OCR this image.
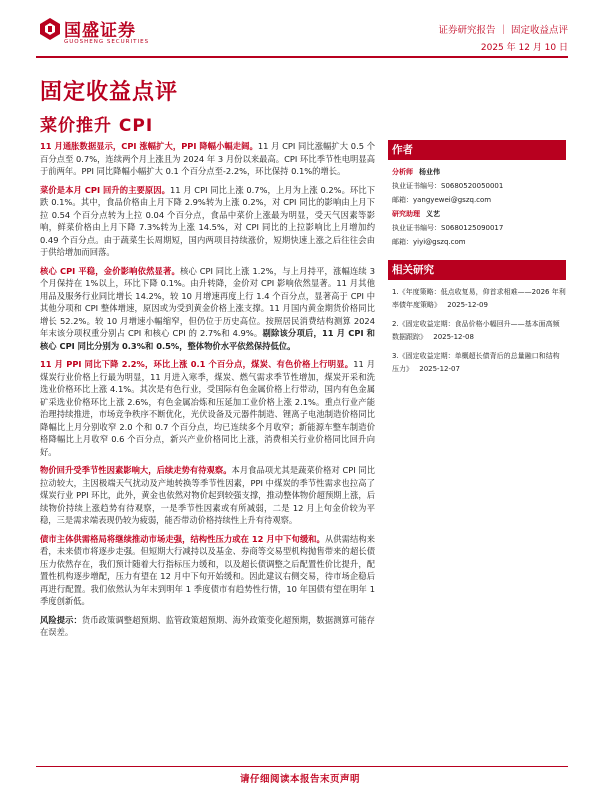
国盛证券
GUOSHENG SECURITIES
证券研究报告 ｜ 固定收益点评
2025 年 12 月 10 日
固定收益点评
菜价推升 CPI

11 月通胀数据显示，CPI 涨幅扩大，PPI 降幅小幅走阔。11 月 CPI 同比涨幅扩大 0.5 个百分点至 0.7%，连续两个月上涨且为 2024 年 3 月份以来最高。CPI 环比季节性电明显高于前两年。PPI 同比降幅小幅扩大 0.1 个百分点至-2.2%，环比保持 0.1%的增长。

菜价是本月 CPI 回升的主要原因。11 月 CPI 同比上涨 0.7%，上月为上涨 0.2%。环比下跌 0.1%。其中，食品价格由上月下降 2.9%转为上涨 0.2%，对 CPI 同比的影响由上月下拉 0.54 个百分点转为上拉 0.04 个百分点，食品中菜价上涨最为明显，受天气因素等影响，鲜菜价格由上月下降 7.3%转为上涨 14.5%，对 CPI 同比的上拉影响比上月增加约 0.49 个百分点。由于蔬菜生长周期短，国内两项目持续涨价，短期快速上涨之后往往会由于供给增加而回落。

核心 CPI 平稳，金价影响依然显著。核心 CPI 同比上涨 1.2%，与上月持平，涨幅连续 3 个月保持在 1%以上，环比下降 0.1%。由升转降，金价对 CPI 影响依然显著。11 月其他用品及服务行业同比增长 14.2%，较 10 月增速再度上行 1.4 个百分点，显著高于 CPI 中其他分项和 CPI 整体增速，原因或为受到黄金价格上涨支撑。11 月国内黄金期货价格同比增长 52.2%。较 10 月增速小幅缩窄，但仍位于历史高位。按照居民消费结构测算 2024 年末该分项权重分别占 CPI 和核心 CPI 的 2.7%和 4.9%。剔除该分项后，11 月 CPI 和核心 CPI 同比分别为 0.3%和 0.5%，整体物价水平依然保持低位。

11 月 PPI 同比下降 2.2%，环比上涨 0.1 个百分点，煤炭、有色价格上行明显。11 月煤炭行业价格上行最为明显，11 月进入寒季，煤炭、燃气需求季节性增加，煤炭开采和洗选业价格环比上涨 4.1%。其次是有色行业，受国际有色金属价格上行带动，国内有色金属矿采选业价格环比上涨 2.6%，有色金属冶炼和压延加工业价格上涨 2.1%。重点行业产能治理持续推进，市场竞争秩序不断优化，光伏设备及元器件制造、锂离子电池制造价格同比降幅比上月分别收窄 2.0 个和 0.7 个百分点，均已连续多个月收窄；新能源车整车制造价格降幅比上月收窄 0.6 个百分点，新兴产业价格同比上涨，消费相关行业价格同比回升向好。

物价回升受季节性因素影响大，后续走势有待观察。本月食品项尤其是蔬菜价格对 CPI 同比拉动较大，主因极端天气扰动及产地转换等季节性因素，PPI 中煤炭的季节性需求也拉高了煤炭行业 PPI 环比，此外，黄金也依然对物价起到较强支撑，推动整体物价超预期上涨，后续物价持续上涨趋势有待观察，一是季节性因素或有所减弱，二是 12 月上旬金价较为平稳，三是需求端表现仍较为疲弱，能否带动价格持续性上升有待观察。

债市主体供需格局将继续推动市场走强，结构性压力或在 12 月中下旬缓和。从供需结构来看，未来债市将逐步走强。但短期大行减持以及基金、券商等交易型机构抛售带来的超长债压力依然存在，我们预计随着大行指标压力缓和，以及超长债调整之后配置性价比提升，配置性机构逐步增配，压力有望在 12 月中下旬开始缓和。因此建议右侧交易，待市场企稳后再进行配置。我们依然认为年末到明年 1 季度债市有趋势性行情，10 年国债有望在明年 1 季度创新低。

风险提示：货币政策调整超预期、监管政策超预期、海外政策变化超预期，数据测算可能存在误差。

作者
分析师 杨业伟
执业证书编号：S0680520050001
邮箱：yangyewei@gszq.com
研究助理 义艺
执业证书编号：S0680125090017
邮箱：yiyi@gszq.com
相关研究
1.《年度策略：低点收复易，仰首求相难——2026 年利率债年度策略》 2025-12-09
2.《固定收益定期：食品价格小幅回升——基本面高频数据跟踪》 2025-12-08
3.《固定收益定期：单概超长债背后的总量融口和结构压力》 2025-12-07
请仔细阅读本报告末页声明
